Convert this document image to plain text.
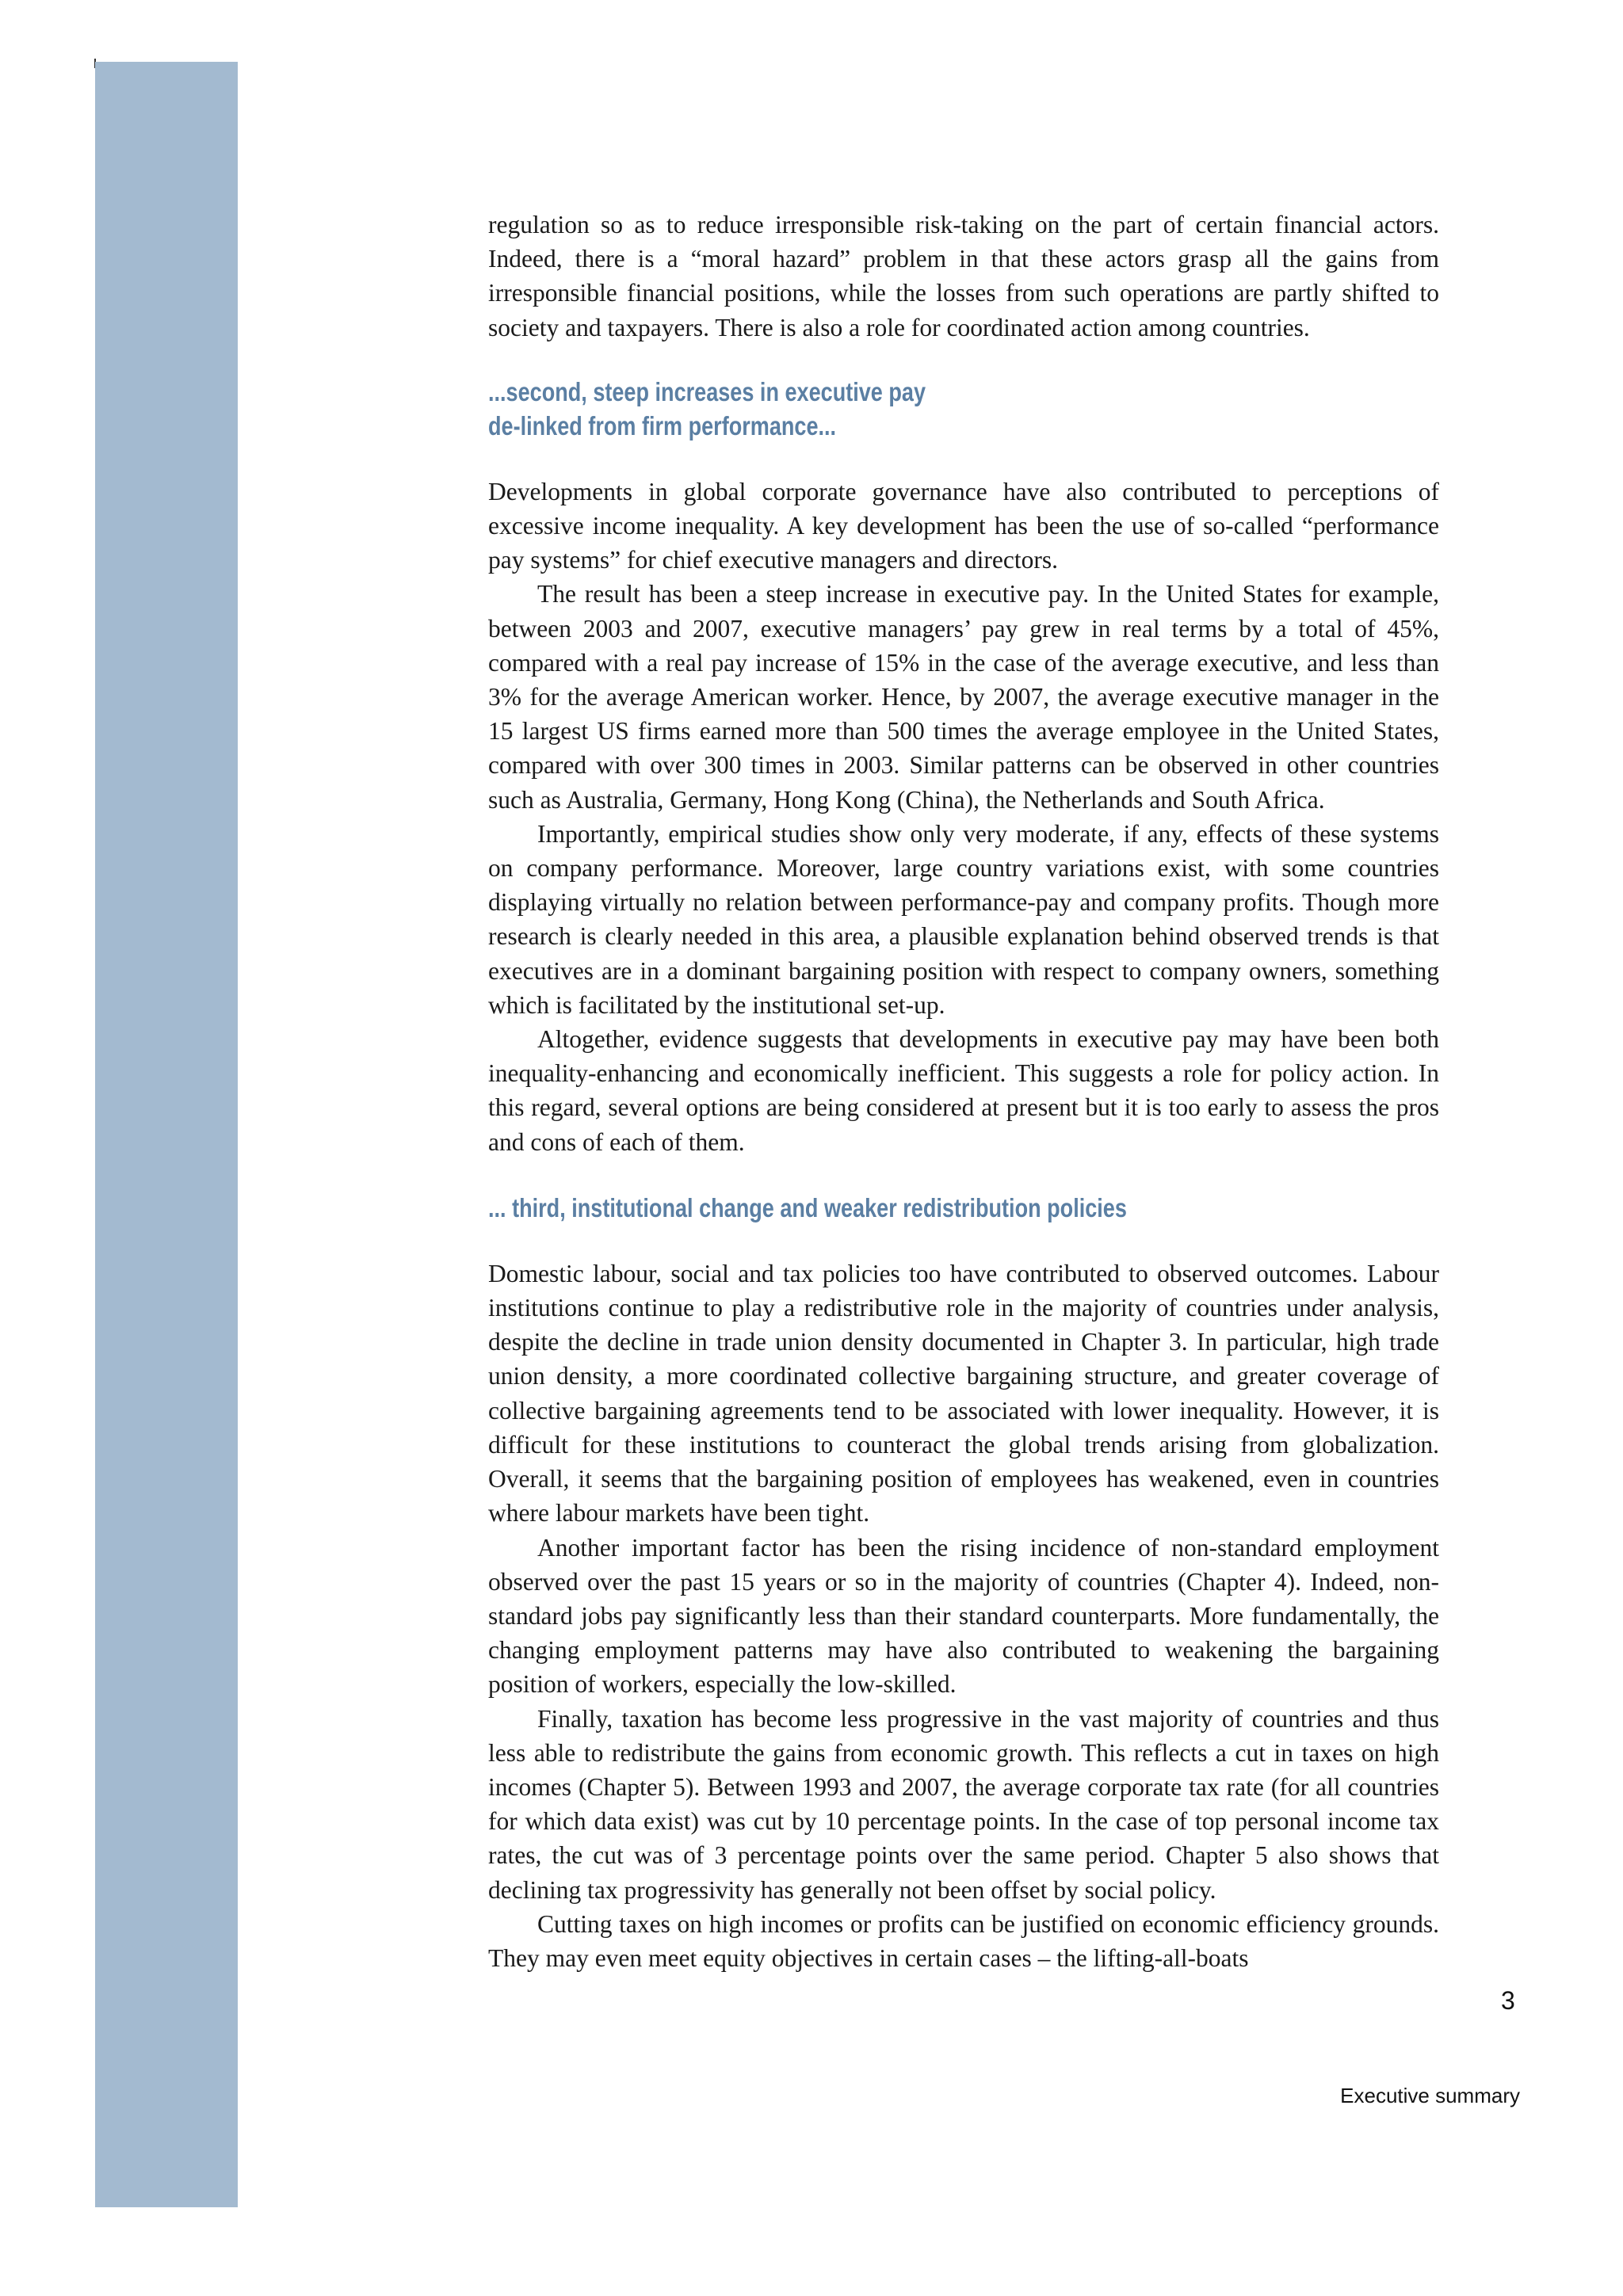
regulation so as to reduce irresponsible risk-taking on the part of certain financial actors. Indeed, there is a “moral hazard” problem in that these actors grasp all the gains from irresponsible financial positions, while the losses from such operations are partly shifted to society and taxpayers. There is also a role for coordinated action among countries.

...second, steep increases in executive pay
de-linked from firm performance...

Developments in global corporate governance have also contributed to perceptions of excessive income inequality. A key development has been the use of so-called “performance pay systems” for chief executive managers and directors.

The result has been a steep increase in executive pay. In the United States for example, between 2003 and 2007, executive managers’ pay grew in real terms by a total of 45%, compared with a real pay increase of 15% in the case of the average executive, and less than 3% for the average American worker. Hence, by 2007, the average executive manager in the 15 largest US firms earned more than 500 times the average employee in the United States, compared with over 300 times in 2003. Similar patterns can be observed in other countries such as Australia, Germany, Hong Kong (China), the Netherlands and South Africa.

Importantly, empirical studies show only very moderate, if any, effects of these systems on company performance. Moreover, large country variations exist, with some countries displaying virtually no relation between performance-pay and company profits. Though more research is clearly needed in this area, a plausible explanation behind observed trends is that executives are in a dominant bargaining position with respect to company owners, something which is facilitated by the institutional set-up.

Altogether, evidence suggests that developments in executive pay may have been both inequality-enhancing and economically inefficient. This suggests a role for policy action. In this regard, several options are being considered at present but it is too early to assess the pros and cons of each of them.

... third, institutional change and weaker redistribution policies

Domestic labour, social and tax policies too have contributed to observed outcomes. Labour institutions continue to play a redistributive role in the majority of countries under analysis, despite the decline in trade union density documented in Chapter 3. In particular, high trade union density, a more coordinated collective bargaining structure, and greater coverage of collective bargaining agreements tend to be associated with lower inequality. However, it is difficult for these institutions to counteract the global trends arising from globalization. Overall, it seems that the bargaining position of employees has weakened, even in countries where labour markets have been tight.

Another important factor has been the rising incidence of non-standard employment observed over the past 15 years or so in the majority of countries (Chapter 4). Indeed, non-standard jobs pay significantly less than their standard counterparts. More fundamentally, the changing employment patterns may have also contributed to weakening the bargaining position of workers, especially the low-skilled.

Finally, taxation has become less progressive in the vast majority of countries and thus less able to redistribute the gains from economic growth. This reflects a cut in taxes on high incomes (Chapter 5). Between 1993 and 2007, the average corporate tax rate (for all countries for which data exist) was cut by 10 percentage points. In the case of top personal income tax rates, the cut was of 3 percentage points over the same period. Chapter 5 also shows that declining tax progressivity has generally not been offset by social policy.

Cutting taxes on high incomes or profits can be justified on economic efficiency grounds. They may even meet equity objectives in certain cases – the lifting-all-boats

3
Executive summary
